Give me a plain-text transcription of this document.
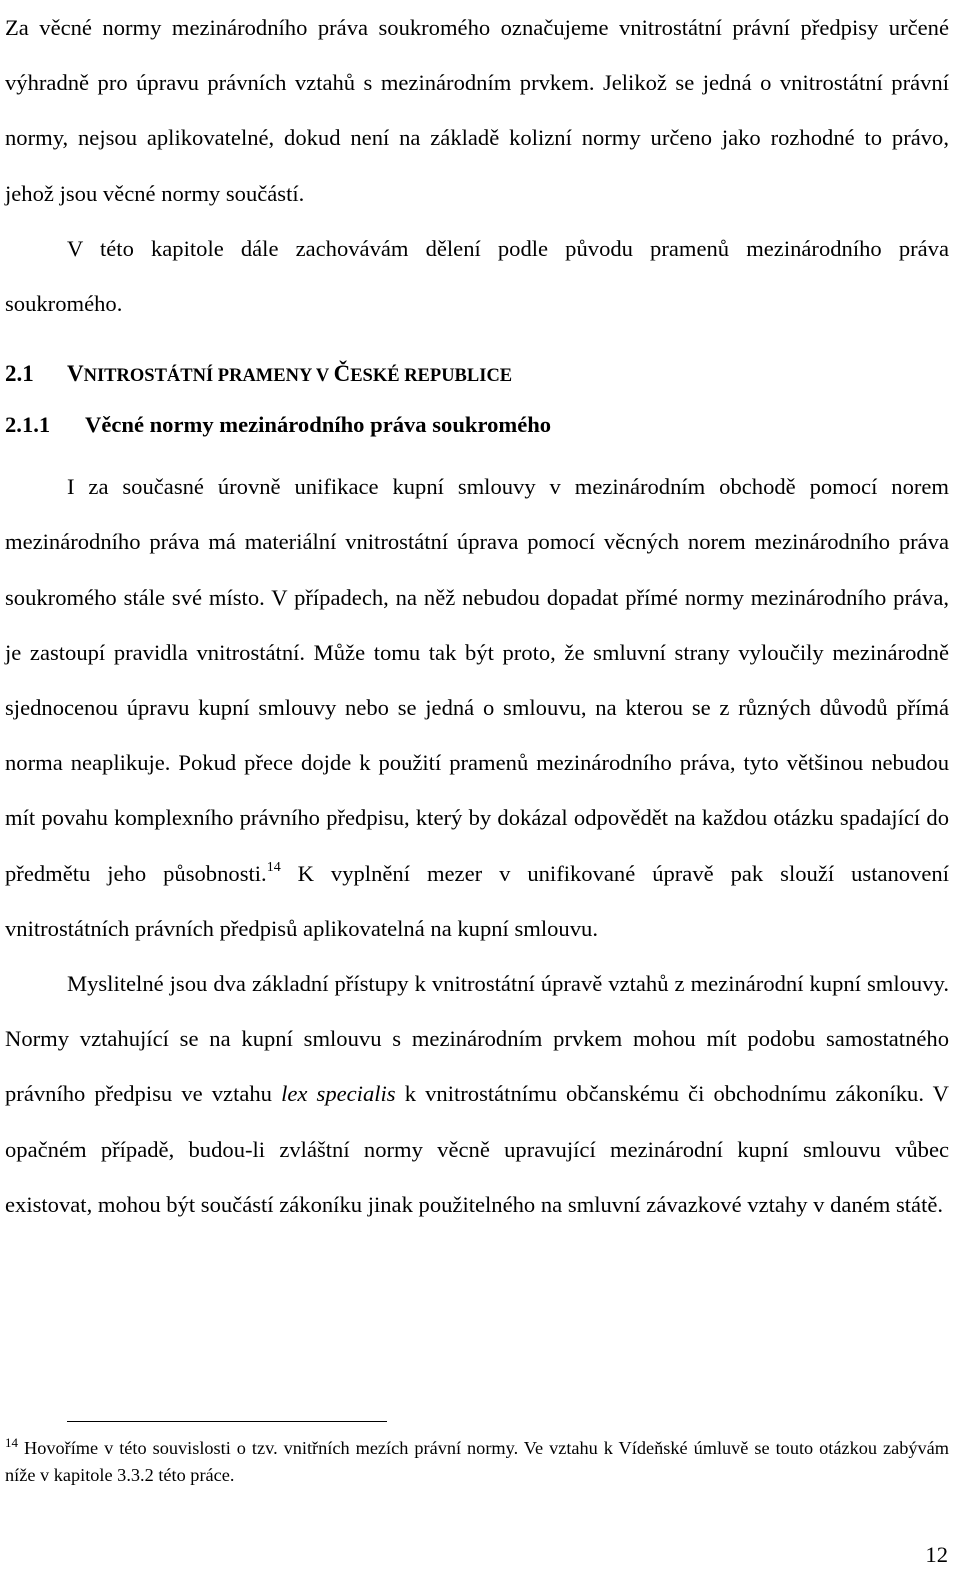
Za věcné normy mezinárodního práva soukromého označujeme vnitrostátní právní předpisy určené výhradně pro úpravu právních vztahů s mezinárodním prvkem. Jelikož se jedná o vnitrostátní právní normy, nejsou aplikovatelné, dokud není na základě kolizní normy určeno jako rozhodné to právo, jehož jsou věcné normy součástí.

V této kapitole dále zachovávám dělení podle původu pramenů mezinárodního práva soukromého.

2.1 VNITROSTÁTNÍ PRAMENY V ČESKÉ REPUBLICE
2.1.1 Věcné normy mezinárodního práva soukromého

I za současné úrovně unifikace kupní smlouvy v mezinárodním obchodě pomocí norem mezinárodního práva má materiální vnitrostátní úprava pomocí věcných norem mezinárodního práva soukromého stále své místo. V případech, na něž nebudou dopadat přímé normy mezinárodního práva, je zastoupí pravidla vnitrostátní. Může tomu tak být proto, že smluvní strany vyloučily mezinárodně sjednocenou úpravu kupní smlouvy nebo se jedná o smlouvu, na kterou se z různých důvodů přímá norma neaplikuje. Pokud přece dojde k použití pramenů mezinárodního práva, tyto většinou nebudou mít povahu komplexního právního předpisu, který by dokázal odpovědět na každou otázku spadající do předmětu jeho působnosti.$^{14}$ K vyplnění mezer v unifikované úpravě pak slouží ustanovení vnitrostátních právních předpisů aplikovatelná na kupní smlouvu.

Myslitelné jsou dva základní přístupy k vnitrostátní úpravě vztahů z mezinárodní kupní smlouvy. Normy vztahující se na kupní smlouvu s mezinárodním prvkem mohou mít podobu samostatného právního předpisu ve vztahu lex specialis k vnitrostátnímu občanskému či obchodnímu zákoníku. V opačném případě, budou-li zvláštní normy věcně upravující mezinárodní kupní smlouvu vůbec existovat, mohou být součástí zákoníku jinak použitelného na smluvní závazkové vztahy v daném státě.

$^{14}$ Hovoříme v této souvislosti o tzv. vnitřních mezích právní normy. Ve vztahu k Vídeňské úmluvě se touto otázkou zabývám níže v kapitole 3.3.2 této práce.

12
